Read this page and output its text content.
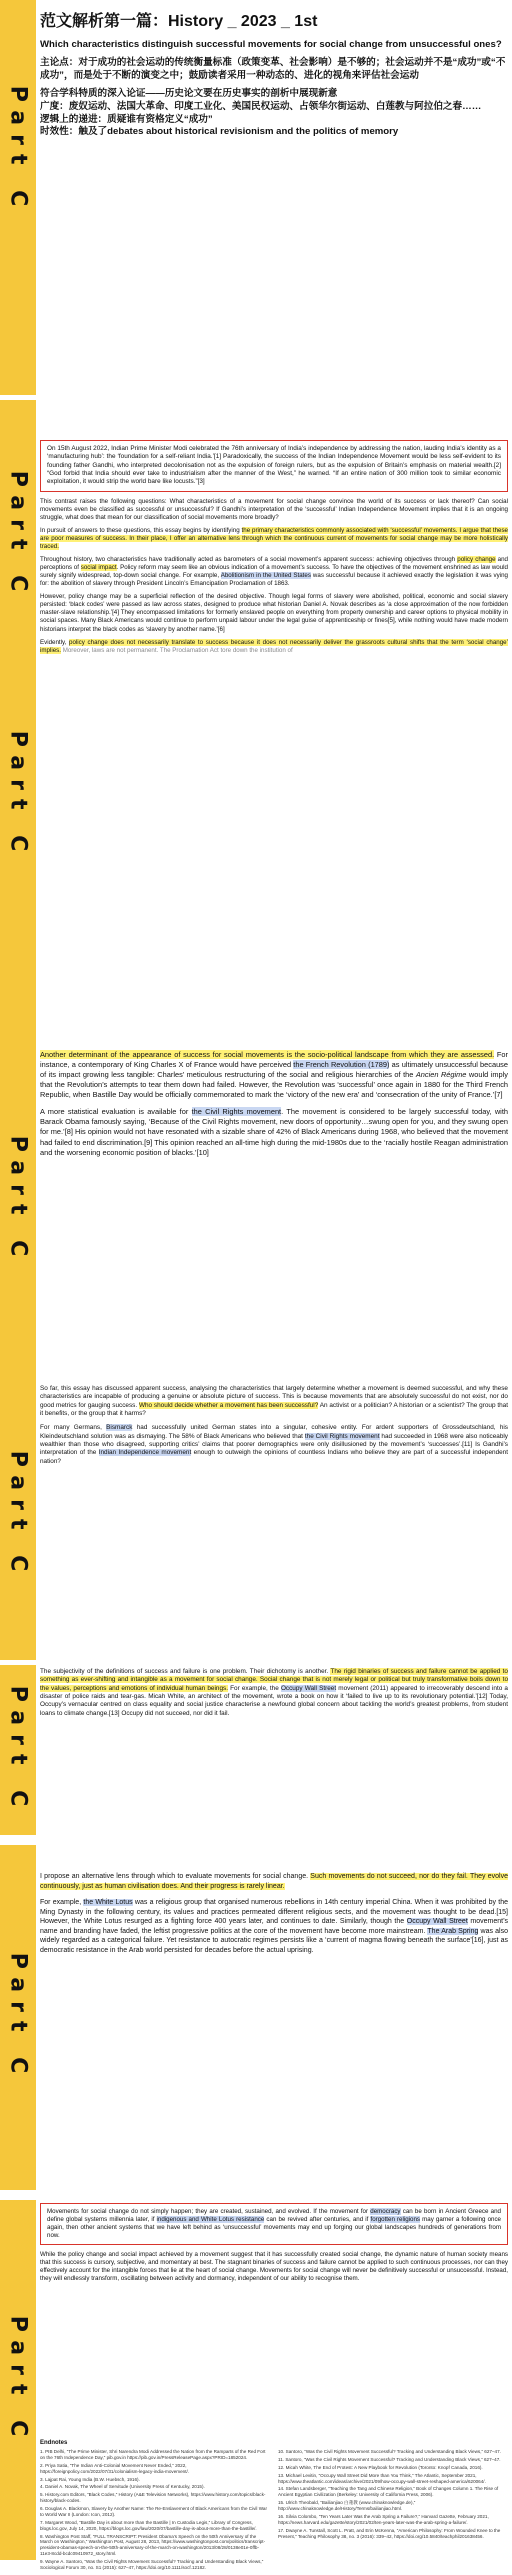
Part C
Part C
Part C
Part C
Part C
Part C
Part C
Part C
范文解析第一篇：History _ 2023 _ 1st
Which characteristics distinguish successful movements for social change from unsuccessful ones?

主论点：对于成功的社会运动的传统衡量标准（政策变革、社会影响）是不够的；社会运动并不是“成功”或“不成功”，而是处于不断的演变之中；鼓励读者采用一种动态的、进化的视角来评估社会运动

符合学科特质的深入论证——历史论文要在历史事实的剖析中展现新意

广度：废奴运动、法国大革命、印度工业化、美国民权运动、占领华尔街运动、白莲教与阿拉伯之春……

逻辑上的递进：质疑谁有资格定义“成功”

时效性：触及了debates about historical revisionism and the politics of memory

On 15th August 2022, Indian Prime Minister Modi celebrated the 76th anniversary of India’s independence by addressing the nation, lauding India’s identity as a ‘manufacturing hub’: the ‘foundation for a self-reliant India.’[1] Paradoxically, the success of the Indian Independence Movement would be less self-evident to its founding father Gandhi, who interpreted decolonisation not as the expulsion of foreign rulers, but as the expulsion of Britain’s emphasis on material wealth.[2] “God forbid that India should ever take to industrialism after the manner of the West,” he warned. “If an entire nation of 300 million took to similar economic exploitation, it would strip the world bare like locusts.”[3]

This contrast raises the following questions: What characteristics of a movement for social change convince the world of its success or lack thereof? Can social movements even be classified as successful or unsuccessful? If Gandhi’s interpretation of the ‘successful’ Indian Independence Movement implies that it is an ongoing struggle, what does that mean for our classification of social movements more broadly?

In pursuit of answers to these questions, this essay begins by identifying the primary characteristics commonly associated with ‘successful’ movements. I argue that these are poor measures of success. In their place, I offer an alternative lens through which the continuous current of movements for social change may be more holistically traced.

Throughout history, two characteristics have traditionally acted as barometers of a social movement’s apparent success: achieving objectives through policy change and perceptions of social impact. Policy reform may seem like an obvious indication of a movement’s success. To have the objectives of the movement enshrined as law would surely signify widespread, top-down social change. For example, Abolitionism in the United States was successful because it achieved exactly the legislation it was vying for: the abolition of slavery through President Lincoln’s Emancipation Proclamation of 1863.

However, policy change may be a superficial reflection of the desired objective. Though legal forms of slavery were abolished, political, economic and social slavery persisted: ‘black codes’ were passed as law across states, designed to produce what historian Daniel A. Novak describes as ‘a close approximation of the now forbidden master-slave relationship.’[4] They encompassed limitations for formerly enslaved people on everything from property ownership and career options to physical mobility in social spaces. Many Black Americans would continue to perform unpaid labour under the legal guise of apprenticeship or fines[5], while nothing would have made modern historians interpret the black codes as ‘slavery by another name.’[6]

Evidently, policy change does not necessarily translate to success because it does not necessarily deliver the grassroots cultural shifts that the term ‘social change’ implies. Moreover, laws are not permanent. The Proclamation Act tore down the institution of

Another determinant of the appearance of success for social movements is the socio-political landscape from which they are assessed. For instance, a contemporary of King Charles X of France would have perceived the French Revolution (1789) as ultimately unsuccessful because of its impact growing less tangible: Charles’ meticulous restructuring of the social and religious hierarchies of the Ancien Régime would imply that the Revolution’s attempts to tear them down had failed. However, the Revolution was ‘successful’ once again in 1880 for the Third French Republic, when Bastille Day would be officially commemorated to mark the ‘victory of the new era’ and ‘consecration of the unity of France.’[7]

A more statistical evaluation is available for the Civil Rights movement. The movement is considered to be largely successful today, with Barack Obama famously saying, ‘Because of the Civil Rights movement, new doors of opportunity…swung open for you, and they swung open for me.’[8] His opinion would not have resonated with a sizable share of 42% of Black Americans during 1968, who believed that the movement had failed to end discrimination.[9] This opinion reached an all-time high during the mid-1980s due to the ‘racially hostile Reagan administration and the worsening economic position of blacks.’[10]

So far, this essay has discussed apparent success, analysing the characteristics that largely determine whether a movement is deemed successful, and why these characteristics are incapable of producing a genuine or absolute picture of success. This is because movements that are absolutely successful do not exist, nor do good metrics for gauging success. Who should decide whether a movement has been successful? An activist or a politician? A historian or a scientist? The group that it benefits, or the group that it harms?

For many Germans, Bismarck had successfully united German states into a singular, cohesive entity. For ardent supporters of Grossdeutschland, his Kleindeutschland solution was as dismaying. The 58% of Black Americans who believed that the Civil Rights movement had succeeded in 1968 were also noticeably wealthier than those who disagreed, supporting critics’ claims that poorer demographics were only disillusioned by the movement’s ‘successes’.[11] Is Gandhi’s interpretation of the Indian Independence movement enough to outweigh the opinions of countless Indians who believe they are part of a successful independent nation?

The subjectivity of the definitions of success and failure is one problem. Their dichotomy is another. The rigid binaries of success and failure cannot be applied to something as ever-shifting and intangible as a movement for social change. Social change that is not merely legal or political but truly transformative boils down to the values, perceptions and emotions of individual human beings. For example, the Occupy Wall Street movement (2011) appeared to irrecoverably descend into a disaster of police raids and tear-gas. Micah White, an architect of the movement, wrote a book on how it ‘failed to live up to its revolutionary potential.’[12] Today, Occupy’s vernacular centred on class equality and social justice characterise a newfound global concern about tackling the world’s greatest problems, from student loans to climate change.[13] Occupy did not succeed, nor did it fail.

I propose an alternative lens through which to evaluate movements for social change. Such movements do not succeed, nor do they fail. They evolve continuously, just as human civilisation does. And their progress is rarely linear.

For example, the White Lotus was a religious group that organised numerous rebellions in 14th century imperial China. When it was prohibited by the Ming Dynasty in the following century, its values and practices permeated different religious sects, and the movement was thought to be dead.[15] However, the White Lotus resurged as a fighting force 400 years later, and continues to date. Similarly, though the Occupy Wall Street movement’s name and branding have faded, the leftist progressive politics at the core of the movement have become more mainstream. The Arab Spring was also widely regarded as a categorical failure. Yet resistance to autocratic regimes persists like a ‘current of magma flowing beneath the surface’[16], just as democratic resistance in the Arab world persisted for decades before the actual uprising.

Movements for social change do not simply happen; they are created, sustained, and evolved. If the movement for democracy can be born in Ancient Greece and define global systems millennia later, if indigenous and White Lotus resistance can be revived after centuries, and if forgotten religions may garner a following once again, then other ancient systems that we have left behind as ‘unsuccessful’ movements may end up forging our global landscapes hundreds of generations from now.

While the policy change and social impact achieved by a movement suggest that it has successfully created social change, the dynamic nature of human society means that this success is cursory, subjective, and momentary at best. The stagnant binaries of success and failure cannot be applied to such continuous processes, nor can they effectively account for the intangible forces that lie at the heart of social change. Movements for social change will never be definitively successful or unsuccessful. Instead, they will endlessly transform, oscillating between activity and dormancy, independent of our ability to recognise them.

Endnotes
1. PIB Delhi, “The Prime Minister, Shri Narendra Modi Addressed the Nation from the Ramparts of the Red Fort on the 76th Independence Day,” pib.gov.in https://pib.gov.in/PressReleasePage.aspx?PRID=1852024.
2. Priya Satia, “The Indian Anti-Colonial Movement Never Ended,” 2022, https://foreignpolicy.com/2022/07/31/colonialism-legacy-india-movement/.
3. Lajpat Rai, Young India (B.W. Huebsch, 1916).
4. Daniel A. Novak, The Wheel of Servitude (University Press of Kentucky, 2015).
5. History.com Editors, “Black Codes,” History (A&E Television Networks), https://www.history.com/topics/black-history/black-codes.
6. Douglas A. Blackmon, Slavery by Another Name: The Re-Enslavement of Black Americans from the Civil War to World War II (London: Icon, 2012).
7. Margaret Wood, “Bastille Day is about more than the Bastille | In Custodia Legis,” Library of Congress, blogs.loc.gov, July 14, 2020, https://blogs.loc.gov/law/2020/07/bastille-day-is-about-more-than-the-bastille/.
8. Washington Post Staff, “FULL TRANSCRIPT: President Obama’s Speech on the 50th Anniversary of the March on Washington,” Washington Post, August 28, 2013, https://www.washingtonpost.com/politics/transcript-president-obamas-speech-on-the-50th-anniversary-of-the-march-on-washington/2013/08/28/0138e01e-0ffb-11e3-8cdd-bcdc09410972_story.html.
9. Wayne A. Santoro, “Was the Civil Rights Movement Successful? Tracking and Understanding Black Views,” Sociological Forum 30, no. S1 (2015): 627–47, https://doi.org/10.1111/socf.12182.
10. Santoro, “Was the Civil Rights Movement Successful? Tracking and Understanding Black Views,” 627–47.
11. Santoro, “Was the Civil Rights Movement Successful? Tracking and Understanding Black Views,” 627–47.
12. Micah White, The End of Protest: A New Playbook for Revolution (Toronto: Knopf Canada, 2016).
13. Michael Levitin, “Occupy Wall Street Did More than You Think,” The Atlantic, September 2021, https://www.theatlantic.com/ideas/archive/2021/09/how-occupy-wall-street-reshaped-america/620064/.
14. Stefan Landsberger, “Teaching the Tang and Chinese Religion,” Book of Changes Column 1. The Rise of Ancient Egyptian Civilization (Berkeley: University of California Press, 2006).
15. Ulrich Theobald, “Bailianjiao 白蓮教 (www.chinaknowledge.de),” http://www.chinaknowledge.de/History/Terms/bailianjiao.html.
16. Silvia Colombo, “Ten Years Later Was the Arab Spring a Failure?,” Harvard Gazette, February 2021, https://news.harvard.edu/gazette/story/2021/02/ten-years-later-was-the-arab-spring-a-failure/.
17. Dwayne A. Tunstall, Scott L. Pratt, and Erin McKenna, “American Philosophy: From Wounded Knee to the Present,” Teaching Philosophy 38, no. 3 (2016): 339–42, https://doi.org/10.5840/teachphil201638456.
